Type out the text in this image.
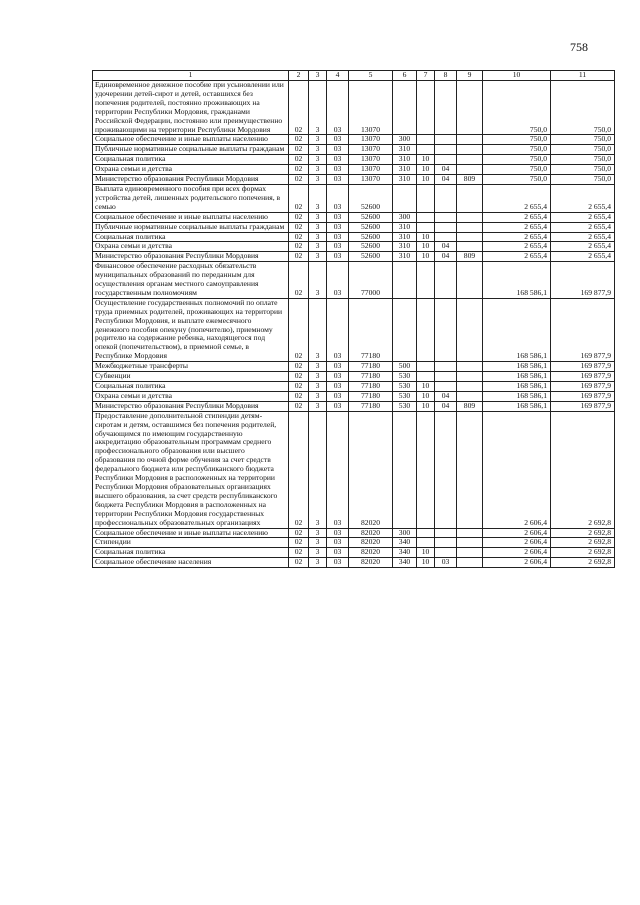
758
1	2	3	4	5	6	7	8	9	10	11
Единовременное денежное пособие при усыновлении или удочерении детей-сирот и детей, оставшихся без попечения родителей, постоянно проживающих на территории Республики Мордовия, гражданами Российской Федерации, постоянно или преимущественно проживающими на территории Республики Мордовия	02	3	03	13070					750,0	750,0
Социальное обеспечение и иные выплаты населению	02	3	03	13070	300				750,0	750,0
Публичные нормативные социальные выплаты гражданам	02	3	03	13070	310				750,0	750,0
Социальная политика	02	3	03	13070	310	10			750,0	750,0
Охрана семьи и детства	02	3	03	13070	310	10	04		750,0	750,0
Министерство образования Республики Мордовия	02	3	03	13070	310	10	04	809	750,0	750,0
Выплата единовременного пособия при всех формах устройства детей, лишенных родительского попечения, в семью	02	3	03	52600					2 655,4	2 655,4
Социальное обеспечение и иные выплаты населению	02	3	03	52600	300				2 655,4	2 655,4
Публичные нормативные социальные выплаты гражданам	02	3	03	52600	310				2 655,4	2 655,4
Социальная политика	02	3	03	52600	310	10			2 655,4	2 655,4
Охрана семьи и детства	02	3	03	52600	310	10	04		2 655,4	2 655,4
Министерство образования Республики Мордовия	02	3	03	52600	310	10	04	809	2 655,4	2 655,4
Финансовое обеспечение расходных обязательств муниципальных образований по переданным для осуществления органам местного самоуправления государственным полномочиям	02	3	03	77000					168 586,1	169 877,9
Осуществление государственных полномочий по оплате труда приемных родителей, проживающих на территории Республики Мордовия, и выплате ежемесячного денежного пособия опекуну (попечителю), приемному родителю на содержание ребенка, находящегося под опекой (попечительством), в приемной семье, в Республике Мордовия	02	3	03	77180					168 586,1	169 877,9
Межбюджетные трансферты	02	3	03	77180	500				168 586,1	169 877,9
Субвенции	02	3	03	77180	530				168 586,1	169 877,9
Социальная политика	02	3	03	77180	530	10			168 586,1	169 877,9
Охрана семьи и детства	02	3	03	77180	530	10	04		168 586,1	169 877,9
Министерство образования Республики Мордовия	02	3	03	77180	530	10	04	809	168 586,1	169 877,9
Предоставление дополнительной стипендии детям-сиротам и детям, оставшимся без попечения родителей, обучающимся по имеющим государственную аккредитацию образовательным программам среднего профессионального образования или высшего образования по очной форме обучения за счет средств федерального бюджета или республиканского бюджета Республики Мордовия в расположенных на территории Республики Мордовия образовательных организациях высшего образования, за счет средств республиканского бюджета Республики Мордовия в расположенных на территории Республики Мордовия государственных профессиональных образовательных организациях	02	3	03	82020					2 606,4	2 692,8
Социальное обеспечение и иные выплаты населению	02	3	03	82020	300				2 606,4	2 692,8
Стипендии	02	3	03	82020	340				2 606,4	2 692,8
Социальная политика	02	3	03	82020	340	10			2 606,4	2 692,8
Социальное обеспечение населения	02	3	03	82020	340	10	03		2 606,4	2 692,8
